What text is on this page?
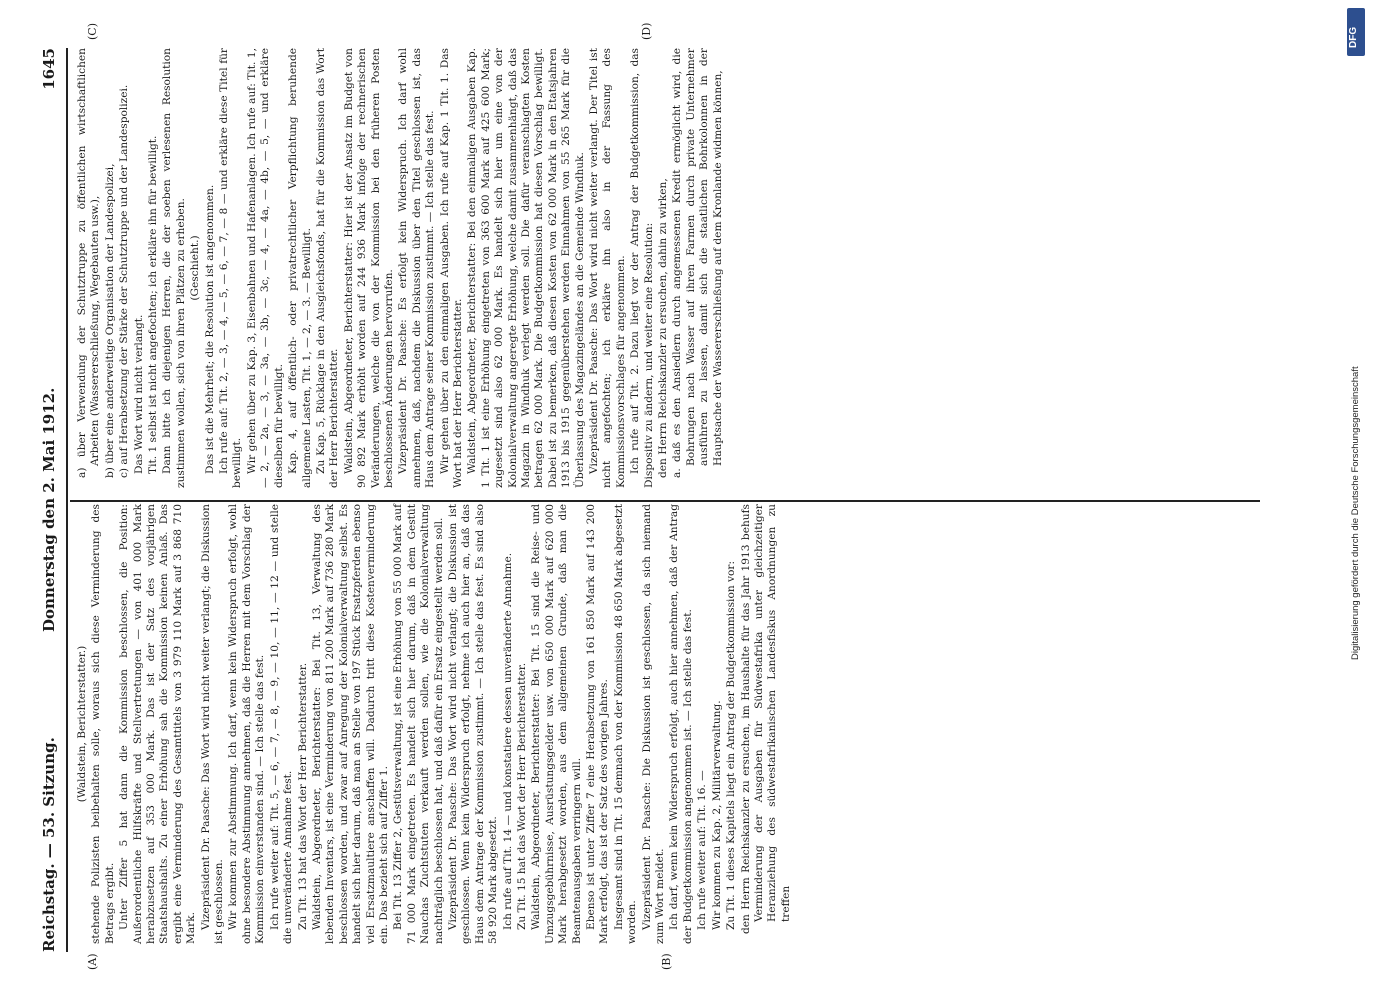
Reichstag. — 53. Sitzung.
Donnerstag den 2. Mai 1912.
1645
(A)	(B)
(C)	(D)

(Waldstein, Berichterstatter.) stehende Polizisten beibehalten solle, woraus sich diese Verminderung des Betrags ergibt. Unter Ziffer 5 hat dann die Kommission beschlossen, die Position: Außerordentliche Hilfskräfte und Stellvertretungen — von 401 000 Mark herabzusetzen auf 353 000 Mark. Das ist der Satz des vorjährigen Staatshaushalts. Zu einer Erhöhung sah die Kommission keinen Anlaß. Das ergibt eine Verminderung des Gesamttitels von 3 979 110 Mark auf 3 868 710 Mark. Vizepräsident Dr. Paasche: Das Wort wird nicht weiter verlangt; die Diskussion ist geschlossen. Wir kommen zur Abstimmung. Ich darf, wenn kein Widerspruch erfolgt, wohl ohne besondere Abstimmung annehmen, daß die Herren mit dem Vorschlag der Kommission einverstanden sind. — Ich stelle das fest. Ich rufe weiter auf: Tit. 5, — 6, — 7, — 8, — 9, — 10, — 11, — 12 — und stelle die unveränderte Annahme fest. Zu Tit. 13 hat das Wort der Herr Berichterstatter. Waldstein, Abgeordneter, Berichterstatter: Bei Tit. 13, Verwaltung des lebenden Inventars, ist eine Verminderung von 811 200 Mark auf 736 280 Mark beschlossen worden, und zwar auf Anregung der Kolonialverwaltung selbst. Es handelt sich hier darum, daß man an Stelle von 197 Stück Ersatzpferden ebenso viel Ersatzmaultiere anschaffen will. Dadurch tritt diese Kostenverminderung ein. Das bezieht sich auf Ziffer 1. Bei Tit. 13 Ziffer 2, Gestütsverwaltung, ist eine Erhöhung von 55 000 Mark auf 71 000 Mark eingetreten. Es handelt sich hier darum, daß in dem Gestüt Nauchas Zuchtstuten verkauft werden sollen, wie die Kolonialverwaltung nachträglich beschlossen hat, und daß dafür ein Ersatz eingestellt werden soll. Vizepräsident Dr. Paasche: Das Wort wird nicht verlangt; die Diskussion ist geschlossen. Wenn kein Widerspruch erfolgt, nehme ich auch hier an, daß das Haus dem Antrage der Kommission zustimmt. — Ich stelle das fest. Es sind also 58 920 Mark abgesetzt. Ich rufe auf Tit. 14 — und konstatiere dessen unveränderte Annahme. Zu Tit. 15 hat das Wort der Herr Berichterstatter. Waldstein, Abgeordneter, Berichterstatter: Bei Tit. 15 sind die Reise- und Umzugsgebührnisse, Ausrüstungsgelder usw. von 650 000 Mark auf 620 000 Mark herabgesetzt worden, aus dem allgemeinen Grunde, daß man die Beamtenausgaben verringern will. Ebenso ist unter Ziffer 7 eine Herabsetzung von 161 850 Mark auf 143 200 Mark erfolgt, das ist der Satz des vorigen Jahres. Insgesamt sind in Tit. 15 demnach von der Kommission 48 650 Mark abgesetzt worden. Vizepräsident Dr. Paasche: Die Diskussion ist geschlossen, da sich niemand zum Wort meldet. Ich darf, wenn kein Widerspruch erfolgt, auch hier annehmen, daß der Antrag der Budgetkommission angenommen ist. — Ich stelle das fest. Ich rufe weiter auf: Tit. 16. — Wir kommen zu Kap. 2, Militärverwaltung. Zu Tit. 1 dieses Kapitels liegt ein Antrag der Budgetkommission vor: den Herrn Reichskanzler zu ersuchen, im Haushalte für das Jahr 1913 behufs Verminderung der Ausgaben für Südwestafrika unter gleichzeitiger Heranziehung des südwestafrikanischen Landesfiskus Anordnungen zu treffen

a) über Verwendung der Schutztruppe zu öffentlichen wirtschaftlichen Arbeiten (Wassererschließung, Wegebauten usw.), b) über eine anderweitige Organisation der Landespolizei, c) auf Herabsetzung der Stärke der Schutztruppe und der Landespolizei. Das Wort wird nicht verlangt. Tit. 1 selbst ist nicht angefochten; ich erkläre ihn für bewilligt. Dann bitte ich diejenigen Herren, die der soeben verlesenen Resolution zustimmen wollen, sich von ihren Plätzen zu erheben. (Geschieht.) Das ist die Mehrheit; die Resolution ist angenommen. Ich rufe auf: Tit. 2, — 3, — 4, — 5, — 6, — 7, — 8 — und erkläre diese Titel für bewilligt. Wir gehen über zu Kap. 3, Eisenbahnen und Hafenanlagen. Ich rufe auf: Tit. 1, — 2, — 2a, — 3, — 3a, — 3b, — 3c, — 4, — 4a, — 4b, — 5, — und erkläre dieselben für bewilligt. Kap. 4, auf öffentlich- oder privatrechtlicher Verpflichtung beruhende allgemeine Lasten, Tit. 1, — 2, — 3. — Bewilligt. Zu Kap. 5, Rücklage in den Ausgleichsfonds, hat für die Kommission das Wort der Herr Berichterstatter. Waldstein, Abgeordneter, Berichterstatter: Hier ist der Ansatz im Budget von 90 892 Mark erhöht worden auf 244 936 Mark infolge der rechnerischen Veränderungen, welche die von der Kommission bei den früheren Posten beschlossenen Änderungen hervorrufen. Vizepräsident Dr. Paasche: Es erfolgt kein Widerspruch. Ich darf wohl annehmen, daß, nachdem die Diskussion über den Titel geschlossen ist, das Haus dem Antrage seiner Kommission zustimmt. — Ich stelle das fest. Wir gehen über zu den einmaligen Ausgaben. Ich rufe auf Kap. 1 Tit. 1. Das Wort hat der Herr Berichterstatter. Waldstein, Abgeordneter, Berichterstatter: Bei den einmaligen Ausgaben Kap. 1 Tit. 1 ist eine Erhöhung eingetreten von 363 600 Mark auf 425 600 Mark; zugesetzt sind also 62 000 Mark. Es handelt sich hier um eine von der Kolonialverwaltung angeregte Erhöhung, welche damit zusammenhängt, daß das Magazin in Windhuk verlegt werden soll. Die dafür veranschlagten Kosten betragen 62 000 Mark. Die Budgetkommission hat diesen Vorschlag bewilligt. Dabei ist zu bemerken, daß diesen Kosten von 62 000 Mark in den Etatsjahren 1913 bis 1915 gegenüberstehen werden Einnahmen von 55 265 Mark für die Überlassung des Magazingeländes an die Gemeinde Windhuk. Vizepräsident Dr. Paasche: Das Wort wird nicht weiter verlangt. Der Titel ist nicht angefochten; ich erkläre ihn also in der Fassung des Kommissionsvorschlages für angenommen. Ich rufe auf Tit. 2. Dazu liegt vor der Antrag der Budgetkommission, das Dispositiv zu ändern, und weiter eine Resolution: den Herrn Reichskanzler zu ersuchen, dahin zu wirken, a. daß es den Ansiedlern durch angemessenen Kredit ermöglicht wird, die Bohrungen nach Wasser auf ihren Farmen durch private Unternehmer ausführen zu lassen, damit sich die staatlichen Bohrkolonnen in der Hauptsache der Wassererschließung auf dem Kronlande widmen können,

DFG
Digitalisierung gefördert durch die Deutsche Forschungsgemeinschaft
